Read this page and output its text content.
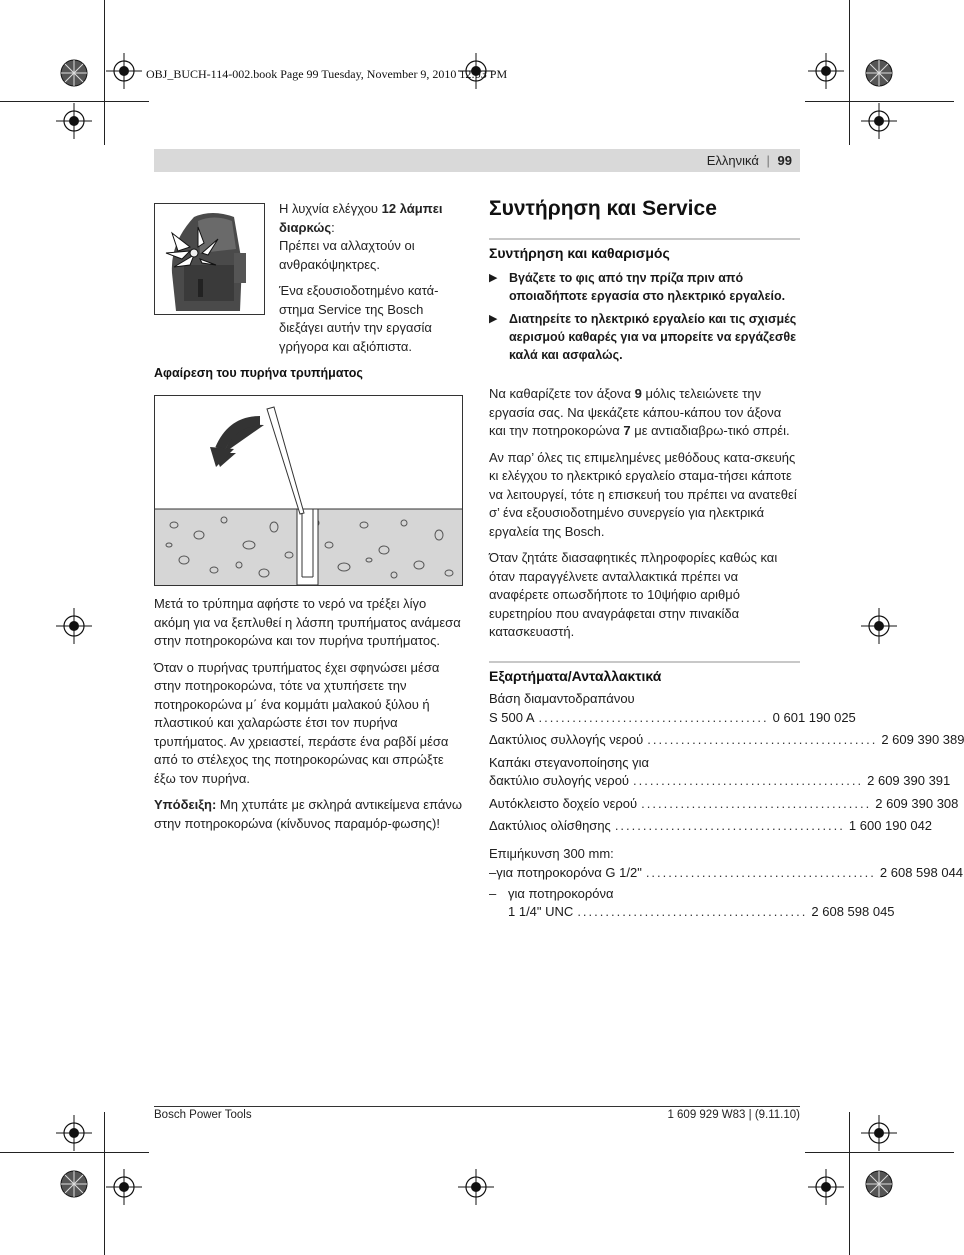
OBJ_BUCH-114-002.book Page 99 Tuesday, November 9, 2010 12:03 PM
Ελληνικά | 99
Η λυχνία ελέγχου 12 λάμπει διαρκώς:
Πρέπει να αλλαχτούν οι ανθρακόψηκτρες.
Ένα εξουσιοδοτημένο κατά-στημα Service της Bosch διεξάγει αυτήν την εργασία γρήγορα και αξιόπιστα.
Αφαίρεση του πυρήνα τρυπήματος
Μετά το τρύπημα αφήστε το νερό να τρέξει λίγο ακόμη για να ξεπλυθεί η λάσπη τρυπήματος ανάμεσα στην ποτηροκορώνα και τον πυρήνα τρυπήματος.
Όταν ο πυρήνας τρυπήματος έχει σφηνώσει μέσα στην ποτηροκορώνα, τότε να χτυπήσετε την ποτηροκορώνα μ΄ ένα κομμάτι μαλακού ξύλου ή πλαστικού και χαλαρώστε έτσι τον πυρήνα τρυπήματος. Αν χρειαστεί, περάστε ένα ραβδί μέσα από το στέλεχος της ποτηροκορώνας και σπρώξτε έξω τον πυρήνα.
Υπόδειξη: Μη χτυπάτε με σκληρά αντικείμενα επάνω στην ποτηροκορώνα (κίνδυνος παραμόρ-φωσης)!
Συντήρηση και Service
Συντήρηση και καθαρισμός
▶ Βγάζετε το φις από την πρίζα πριν από οποιαδήποτε εργασία στο ηλεκτρικό εργαλείο.
▶ Διατηρείτε το ηλεκτρικό εργαλείο και τις σχισμές αερισμού καθαρές για να μπορείτε να εργάζεσθε καλά και ασφαλώς.
Να καθαρίζετε τον άξονα 9 μόλις τελειώνετε την εργασία σας. Να ψεκάζετε κάπου-κάπου τον άξονα και την ποτηροκορώνα 7 με αντιαδιαβρω-τικό σπρέι.
Αν παρ’ όλες τις επιμελημένες μεθόδους κατα-σκευής κι ελέγχου το ηλεκτρικό εργαλείο σταμα-τήσει κάποτε να λειτουργεί, τότε η επισκευή του πρέπει να ανατεθεί σ’ ένα εξουσιοδοτημένο συνεργείο για ηλεκτρικά εργαλεία της Bosch.
Όταν ζητάτε διασαφητικές πληροφορίες καθώς και όταν παραγγέλνετε ανταλλακτικά πρέπει να αναφέρετε οπωσδήποτε το 10ψήφιο αριθμό ευρετηρίου που αναγράφεται στην πινακίδα κατασκευαστή.
Εξαρτήματα/Ανταλλακτικά
Βάση διαμαντοδραπάνου
S 500 A ......................................... 0 601 190 025
Δακτύλιος συλλογής νερού ......................................... 2 609 390 389
Καπάκι στεγανοποίησης για
δακτύλιο συλογής νερού ......................................... 2 609 390 391
Αυτόκλειστο δοχείο νερού ......................................... 2 609 390 308
Δακτύλιος ολίσθησης ......................................... 1 600 190 042
Επιμήκυνση 300 mm:
– για ποτηροκορόνα G 1/2" ......................................... 2 608 598 044
– για ποτηροκορόνα
1 1/4" UNC ......................................... 2 608 598 045
Bosch Power Tools	1 609 929 W83 | (9.11.10)
